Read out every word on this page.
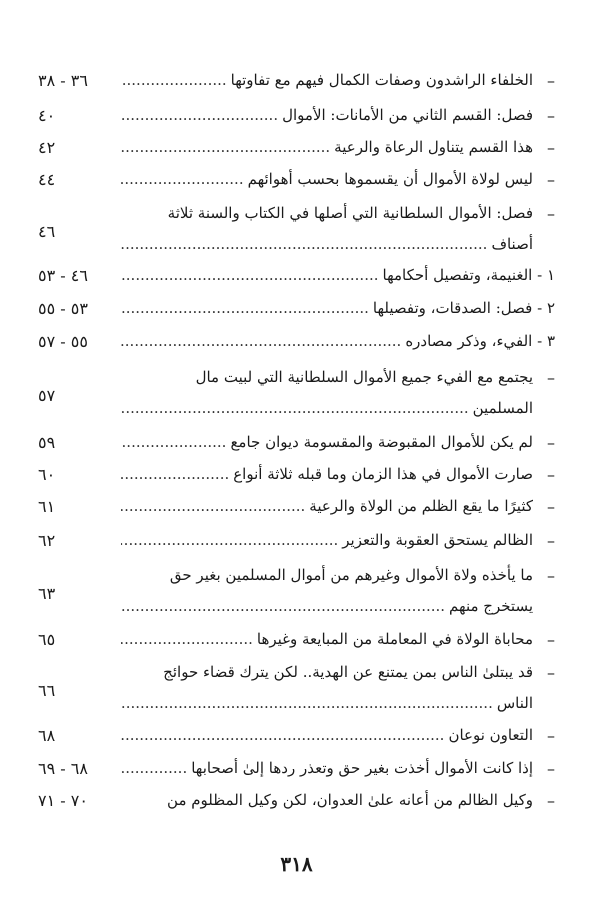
–
الخلفاء الراشدون وصفات الكمال فيهم مع تفاوتها .....
٣٦ - ٣٨
–
فصل: القسم الثاني من الأمانات: الأموال .....
٤٠
–
هذا القسم يتناول الرعاة والرعية .....
٤٢
–
ليس لولاة الأموال أن يقسموها بحسب أهوائهم .....
٤٤
–
فصل: الأموال السلطانية التي أصلها في الكتاب والسنة ثلاثة
أصناف .....
٤٦
١ - الغنيمة، وتفصيل أحكامها .....
٤٦ - ٥٣
٢ - فصل: الصدقات، وتفصيلها .....
٥٣ - ٥٥
٣ - الفيء، وذكر مصادره .....
٥٥ - ٥٧
–
يجتمع مع الفيء جميع الأموال السلطانية التي لبيت مال
المسلمين .....
٥٧
–
لم يكن للأموال المقبوضة والمقسومة ديوان جامع .....
٥٩
–
صارت الأموال في هذا الزمان وما قبله ثلاثة أنواع .....
٦٠
–
كثيرًا ما يقع الظلم من الولاة والرعية .....
٦١
–
الظالم يستحق العقوبة والتعزير .....
٦٢
–
ما يأخذه ولاة الأموال وغيرهم من أموال المسلمين بغير حق
يستخرج منهم .....
٦٣
–
محاباة الولاة في المعاملة من المبايعة وغيرها .....
٦٥
–
قد يبتلىٰ الناس بمن يمتنع عن الهدية.. لكن يترك قضاء حوائج
الناس .....
٦٦
–
التعاون نوعان .....
٦٨
–
إذا كانت الأموال أخذت بغير حق وتعذر ردها إلىٰ أصحابها .....
٦٨ - ٦٩
–
وكيل الظالم من أعانه علىٰ العدوان، لكن وكيل المظلوم من
٧٠ - ٧١
٣١٨
